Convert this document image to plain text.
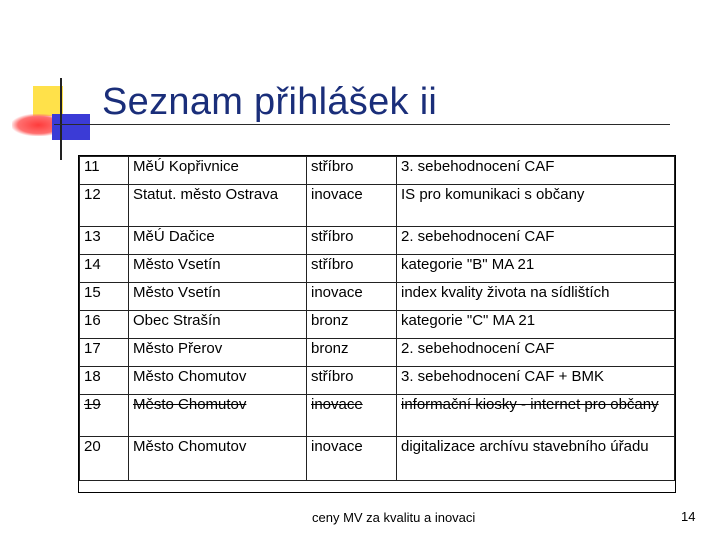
Seznam přihlášek ii
11	MěÚ Kopřivnice	stříbro	3. sebehodnocení CAF
12	Statut. město Ostrava	inovace	IS pro komunikaci s občany
13	MěÚ Dačice	stříbro	2. sebehodnocení CAF
14	Město Vsetín	stříbro	kategorie "B" MA 21
15	Město Vsetín	inovace	index kvality života na sídlištích
16	Obec Strašín	bronz	kategorie "C" MA 21
17	Město Přerov	bronz	2. sebehodnocení CAF
18	Město Chomutov	stříbro	3. sebehodnocení CAF + BMK
19	Město Chomutov	inovace	informační kiosky - internet pro občany
20	Město Chomutov	inovace	digitalizace archívu stavebního úřadu
ceny MV za kvalitu a inovaci	14
